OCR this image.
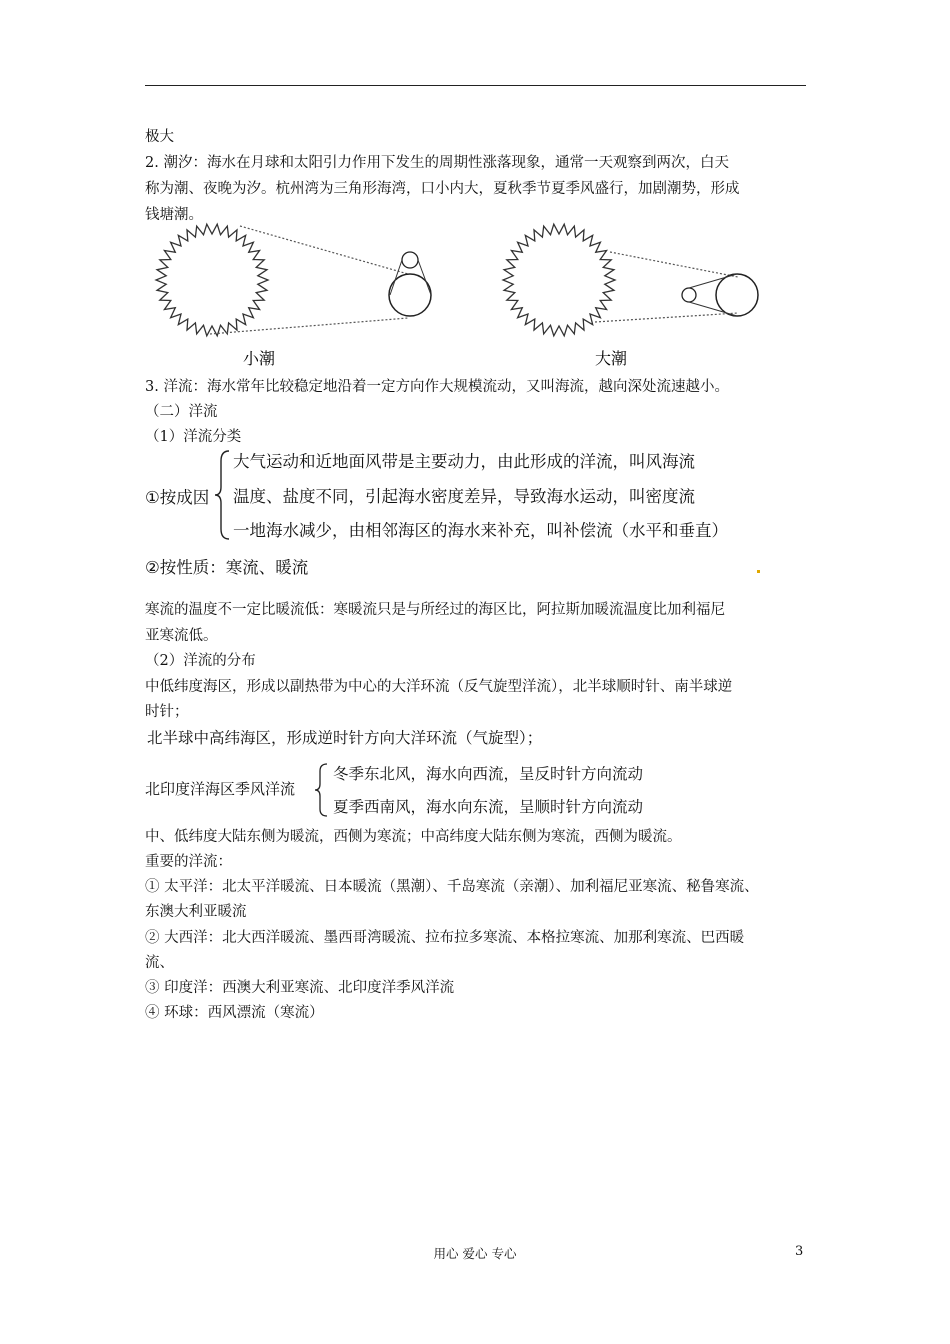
极大

2. 潮汐：海水在月球和太阳引力作用下发生的周期性涨落现象，通常一天观察到两次，白天

称为潮、夜晚为汐。杭州湾为三角形海湾，口小内大，夏秋季节夏季风盛行，加剧潮势，形成

钱塘潮。

小潮	大潮

3. 洋流：海水常年比较稳定地沿着一定方向作大规模流动，又叫海流，越向深处流速越小。

（二）洋流

（1）洋流分类

①按成因
大气运动和近地面风带是主要动力，由此形成的洋流，叫风海流
温度、盐度不同，引起海水密度差异，导致海水运动，叫密度流
一地海水减少，由相邻海区的海水来补充，叫补偿流（水平和垂直）
②按性质：寒流、暖流

寒流的温度不一定比暖流低：寒暖流只是与所经过的海区比，阿拉斯加暖流温度比加利福尼

亚寒流低。

（2）洋流的分布

中低纬度海区，形成以副热带为中心的大洋环流（反气旋型洋流），北半球顺时针、南半球逆

时针；

北半球中高纬海区，形成逆时针方向大洋环流（气旋型）；
北印度洋海区季风洋流
冬季东北风，海水向西流，呈反时针方向流动
夏季西南风，海水向东流，呈顺时针方向流动

中、低纬度大陆东侧为暖流，西侧为寒流；中高纬度大陆东侧为寒流，西侧为暖流。

重要的洋流：

① 太平洋：北太平洋暖流、日本暖流（黑潮）、千岛寒流（亲潮）、加利福尼亚寒流、秘鲁寒流、

东澳大利亚暖流

② 大西洋：北大西洋暖流、墨西哥湾暖流、拉布拉多寒流、本格拉寒流、加那利寒流、巴西暖

流、

③ 印度洋：西澳大利亚寒流、北印度洋季风洋流

④ 环球：西风漂流（寒流）

用心 爱心 专心	3
